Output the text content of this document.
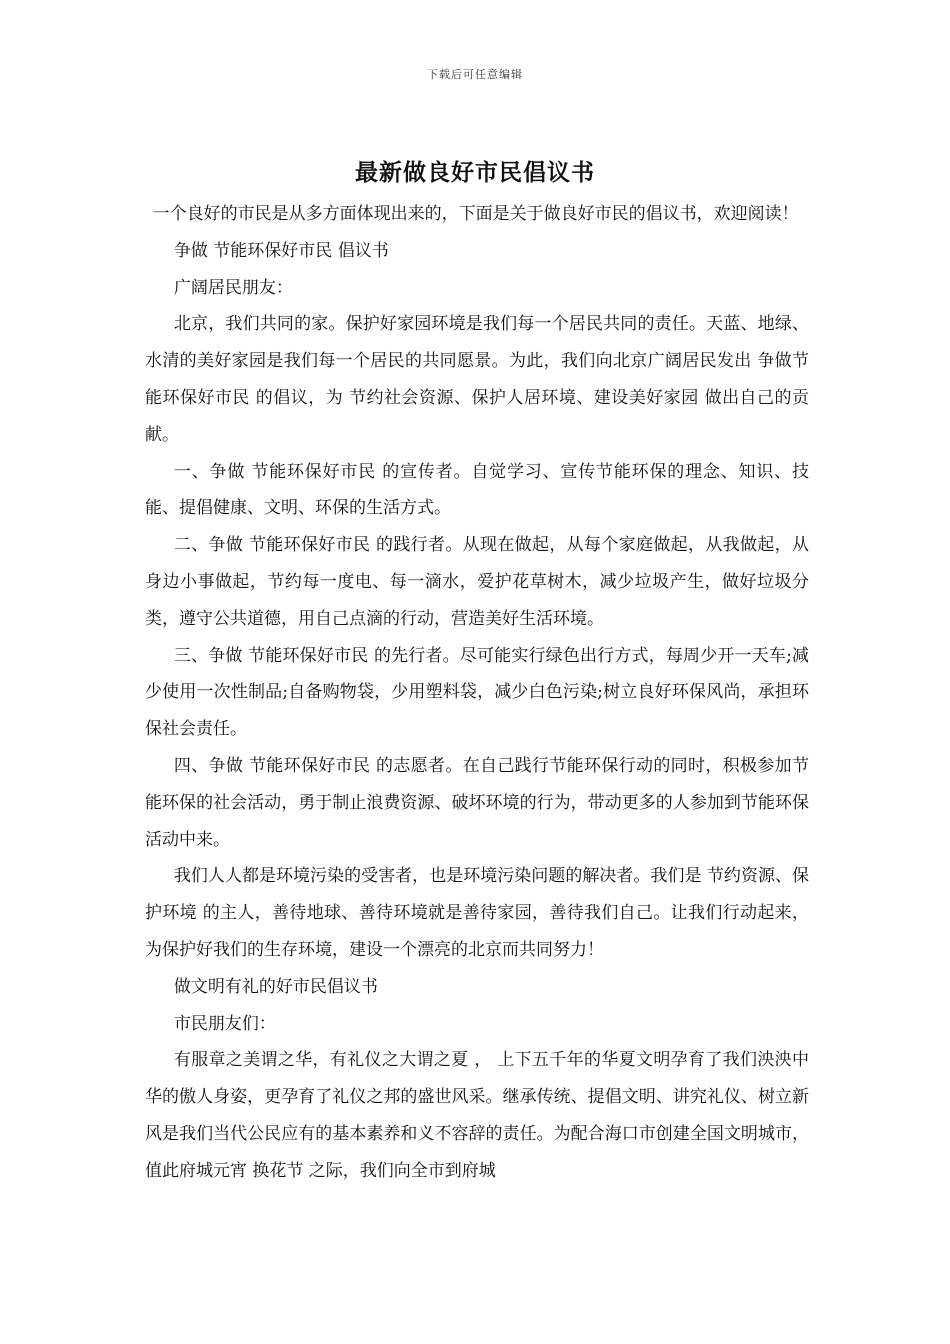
下载后可任意编辑
最新做良好市民倡议书

一个良好的市民是从多方面体现出来的，下面是关于做良好市民的倡议书，欢迎阅读！

争做 节能环保好市民 倡议书

广阔居民朋友：

北京，我们共同的家。保护好家园环境是我们每一个居民共同的责任。天蓝、地绿、水清的美好家园是我们每一个居民的共同愿景。为此，我们向北京广阔居民发出 争做节能环保好市民 的倡议，为 节约社会资源、保护人居环境、建设美好家园 做出自己的贡献。

一、争做 节能环保好市民 的宣传者。自觉学习、宣传节能环保的理念、知识、技能、提倡健康、文明、环保的生活方式。

二、争做 节能环保好市民 的践行者。从现在做起，从每个家庭做起，从我做起，从身边小事做起，节约每一度电、每一滴水，爱护花草树木，减少垃圾产生，做好垃圾分类，遵守公共道德，用自己点滴的行动，营造美好生活环境。

三、争做 节能环保好市民 的先行者。尽可能实行绿色出行方式，每周少开一天车;减少使用一次性制品;自备购物袋，少用塑料袋，减少白色污染;树立良好环保风尚，承担环保社会责任。

四、争做 节能环保好市民 的志愿者。在自己践行节能环保行动的同时，积极参加节能环保的社会活动，勇于制止浪费资源、破坏环境的行为，带动更多的人参加到节能环保活动中来。

我们人人都是环境污染的受害者，也是环境污染问题的解决者。我们是 节约资源、保护环境 的主人，善待地球、善待环境就是善待家园，善待我们自己。让我们行动起来，为保护好我们的生存环境，建设一个漂亮的北京而共同努力！

做文明有礼的好市民倡议书

市民朋友们：

有服章之美谓之华，有礼仪之大谓之夏 ， 上下五千年的华夏文明孕育了我们泱泱中华的傲人身姿，更孕育了礼仪之邦的盛世风采。继承传统、提倡文明、讲究礼仪、树立新风是我们当代公民应有的基本素养和义不容辞的责任。为配合海口市创建全国文明城市，值此府城元宵 换花节 之际，我们向全市到府城
